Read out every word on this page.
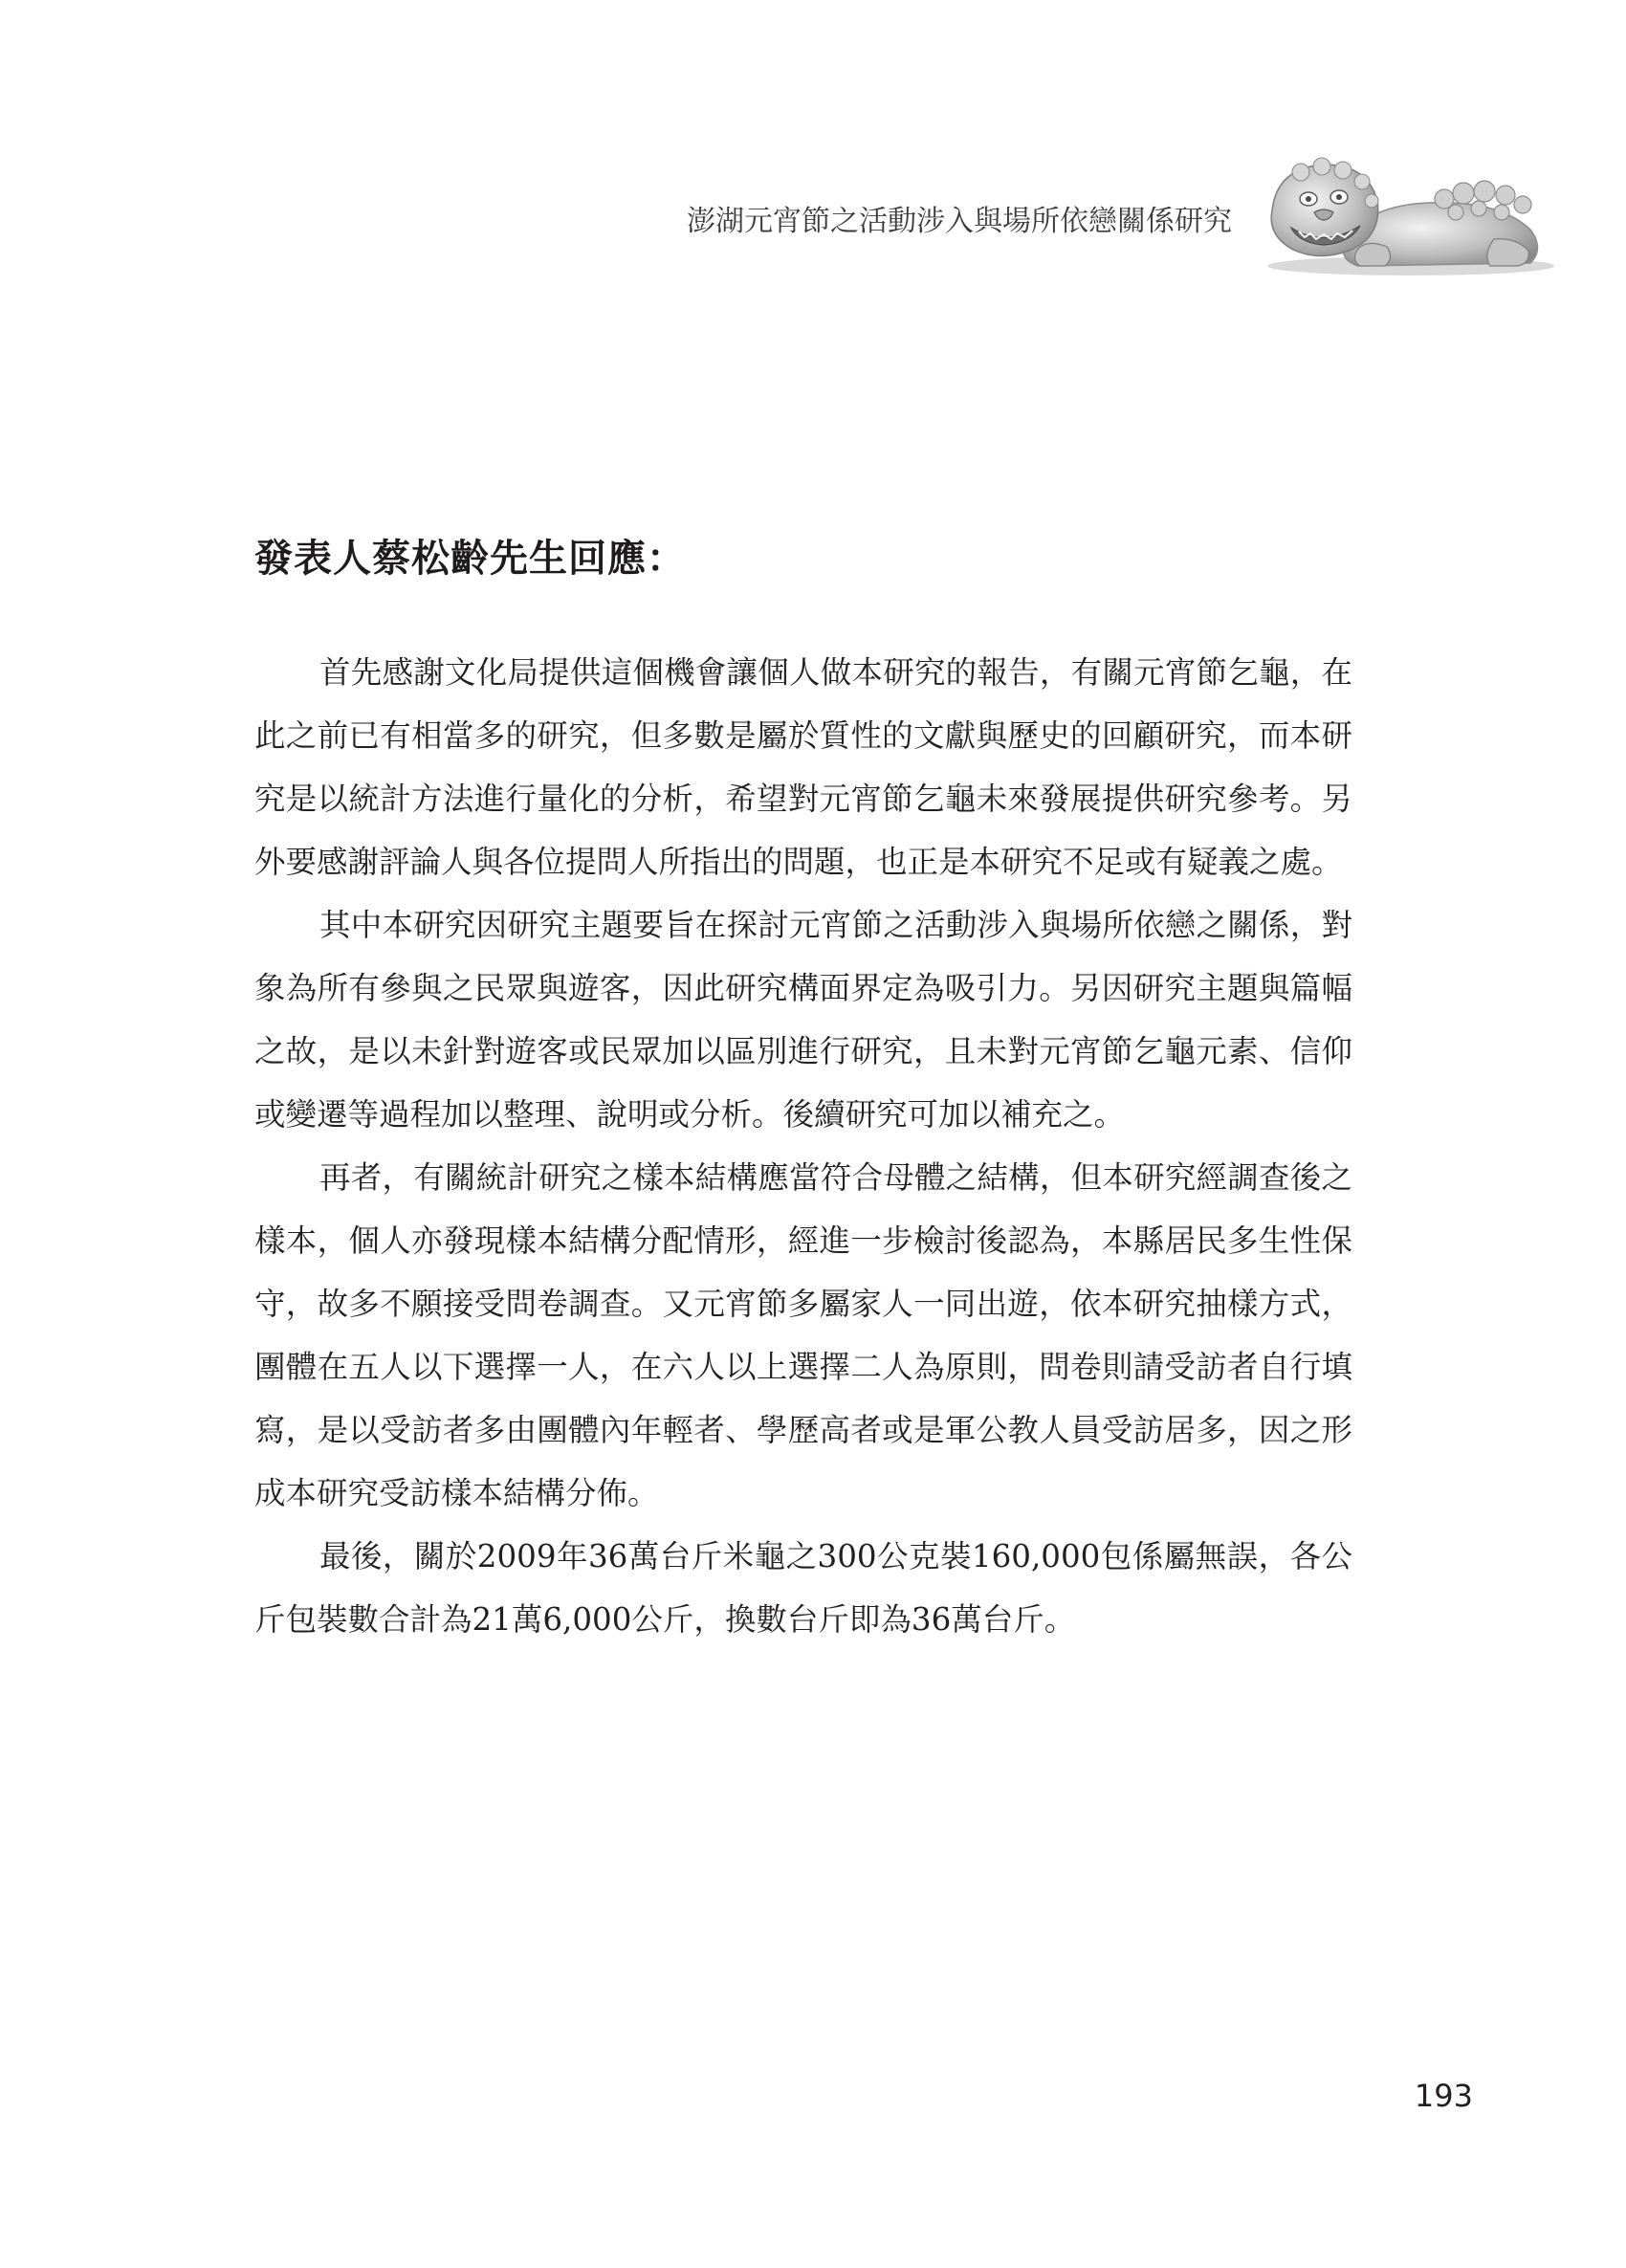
澎湖元宵節之活動涉入與場所依戀關係研究
發表人蔡松齡先生回應：

首先感謝文化局提供這個機會讓個人做本研究的報告，有關元宵節乞龜，在此之前已有相當多的研究，但多數是屬於質性的文獻與歷史的回顧研究，而本研究是以統計方法進行量化的分析，希望對元宵節乞龜未來發展提供研究參考。另外要感謝評論人與各位提問人所指出的問題，也正是本研究不足或有疑義之處。

其中本研究因研究主題要旨在探討元宵節之活動涉入與場所依戀之關係，對象為所有參與之民眾與遊客，因此研究構面界定為吸引力。另因研究主題與篇幅之故，是以未針對遊客或民眾加以區別進行研究，且未對元宵節乞龜元素、信仰或變遷等過程加以整理、說明或分析。後續研究可加以補充之。

再者，有關統計研究之樣本結構應當符合母體之結構，但本研究經調查後之樣本，個人亦發現樣本結構分配情形，經進一步檢討後認為，本縣居民多生性保守，故多不願接受問卷調查。又元宵節多屬家人一同出遊，依本研究抽樣方式，團體在五人以下選擇一人，在六人以上選擇二人為原則，問卷則請受訪者自行填寫，是以受訪者多由團體內年輕者、學歷高者或是軍公教人員受訪居多，因之形成本研究受訪樣本結構分佈。

最後，關於2009年36萬台斤米龜之300公克裝160,000包係屬無誤，各公斤包裝數合計為21萬6,000公斤，換數台斤即為36萬台斤。

193
